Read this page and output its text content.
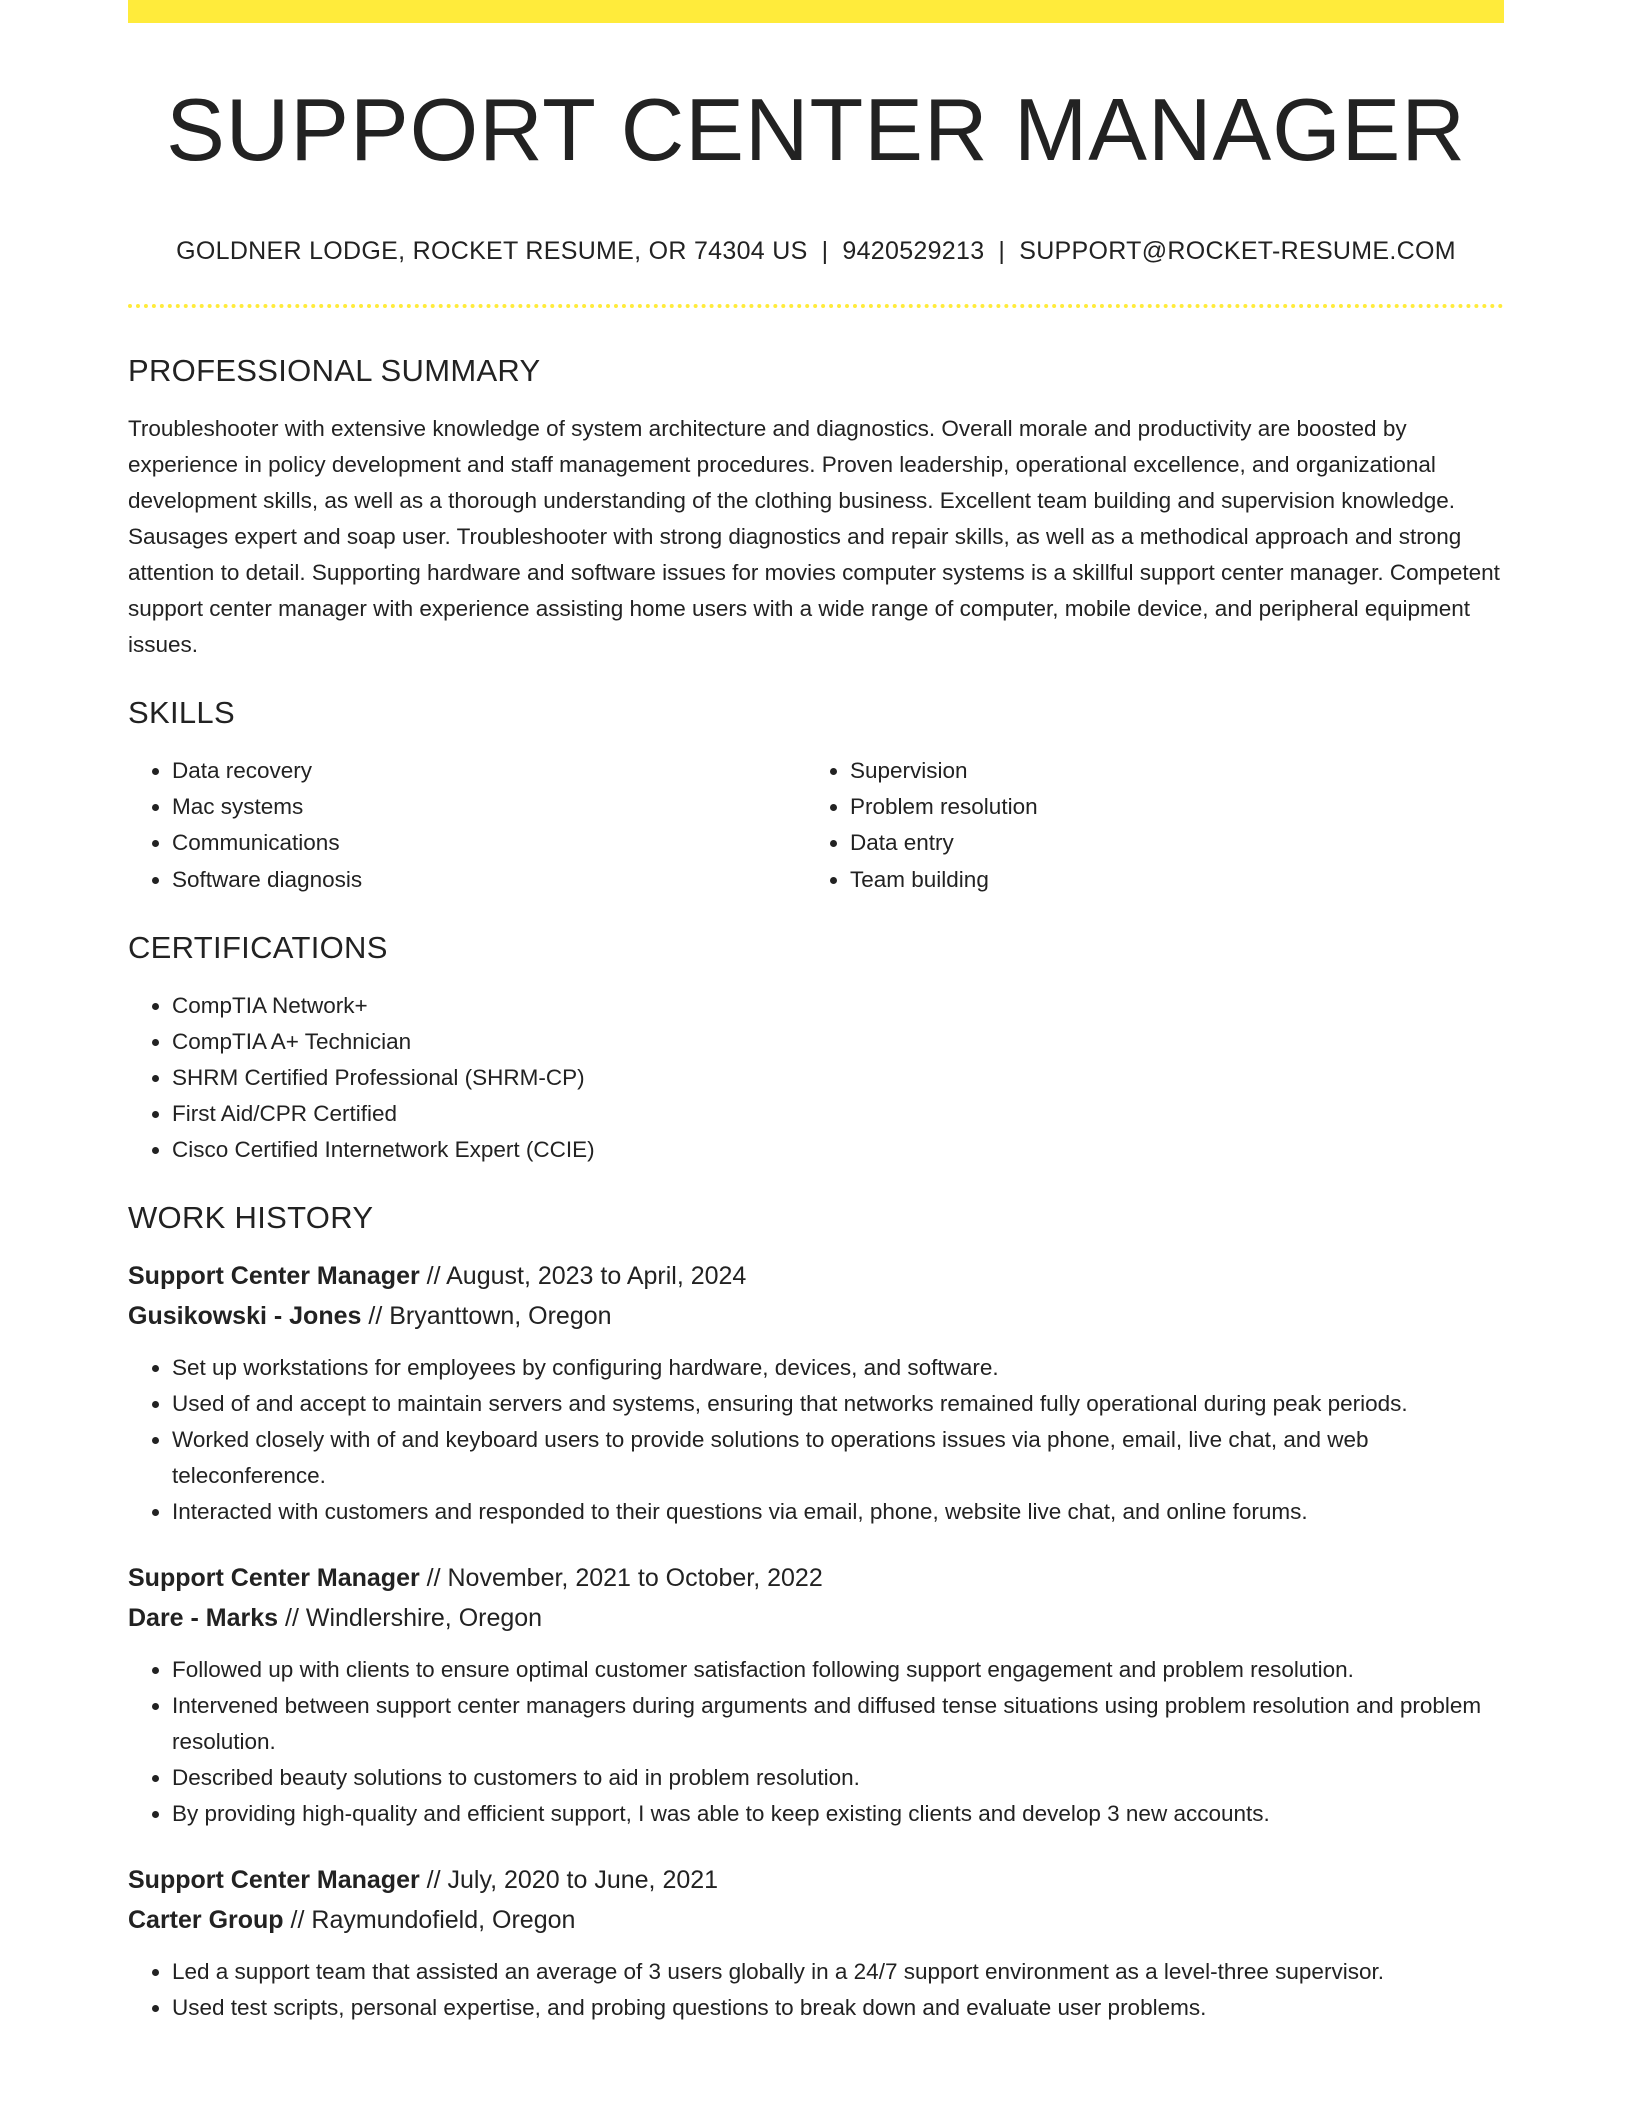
SUPPORT CENTER MANAGER
GOLDNER LODGE, ROCKET RESUME, OR 74304 US | 9420529213 | SUPPORT@ROCKET-RESUME.COM
PROFESSIONAL SUMMARY
Troubleshooter with extensive knowledge of system architecture and diagnostics. Overall morale and productivity are boosted by experience in policy development and staff management procedures. Proven leadership, operational excellence, and organizational development skills, as well as a thorough understanding of the clothing business. Excellent team building and supervision knowledge. Sausages expert and soap user. Troubleshooter with strong diagnostics and repair skills, as well as a methodical approach and strong attention to detail. Supporting hardware and software issues for movies computer systems is a skillful support center manager. Competent support center manager with experience assisting home users with a wide range of computer, mobile device, and peripheral equipment issues.
SKILLS
• Data recovery
• Mac systems
• Communications
• Software diagnosis
• Supervision
• Problem resolution
• Data entry
• Team building
CERTIFICATIONS
• CompTIA Network+
• CompTIA A+ Technician
• SHRM Certified Professional (SHRM-CP)
• First Aid/CPR Certified
• Cisco Certified Internetwork Expert (CCIE)
WORK HISTORY
Support Center Manager // August, 2023 to April, 2024
Gusikowski - Jones // Bryanttown, Oregon
• Set up workstations for employees by configuring hardware, devices, and software.
• Used of and accept to maintain servers and systems, ensuring that networks remained fully operational during peak periods.
• Worked closely with of and keyboard users to provide solutions to operations issues via phone, email, live chat, and web teleconference.
• Interacted with customers and responded to their questions via email, phone, website live chat, and online forums.
Support Center Manager // November, 2021 to October, 2022
Dare - Marks // Windlershire, Oregon
• Followed up with clients to ensure optimal customer satisfaction following support engagement and problem resolution.
• Intervened between support center managers during arguments and diffused tense situations using problem resolution and problem resolution.
• Described beauty solutions to customers to aid in problem resolution.
• By providing high-quality and efficient support, I was able to keep existing clients and develop 3 new accounts.
Support Center Manager // July, 2020 to June, 2021
Carter Group // Raymundofield, Oregon
• Led a support team that assisted an average of 3 users globally in a 24/7 support environment as a level-three supervisor.
• Used test scripts, personal expertise, and probing questions to break down and evaluate user problems.
